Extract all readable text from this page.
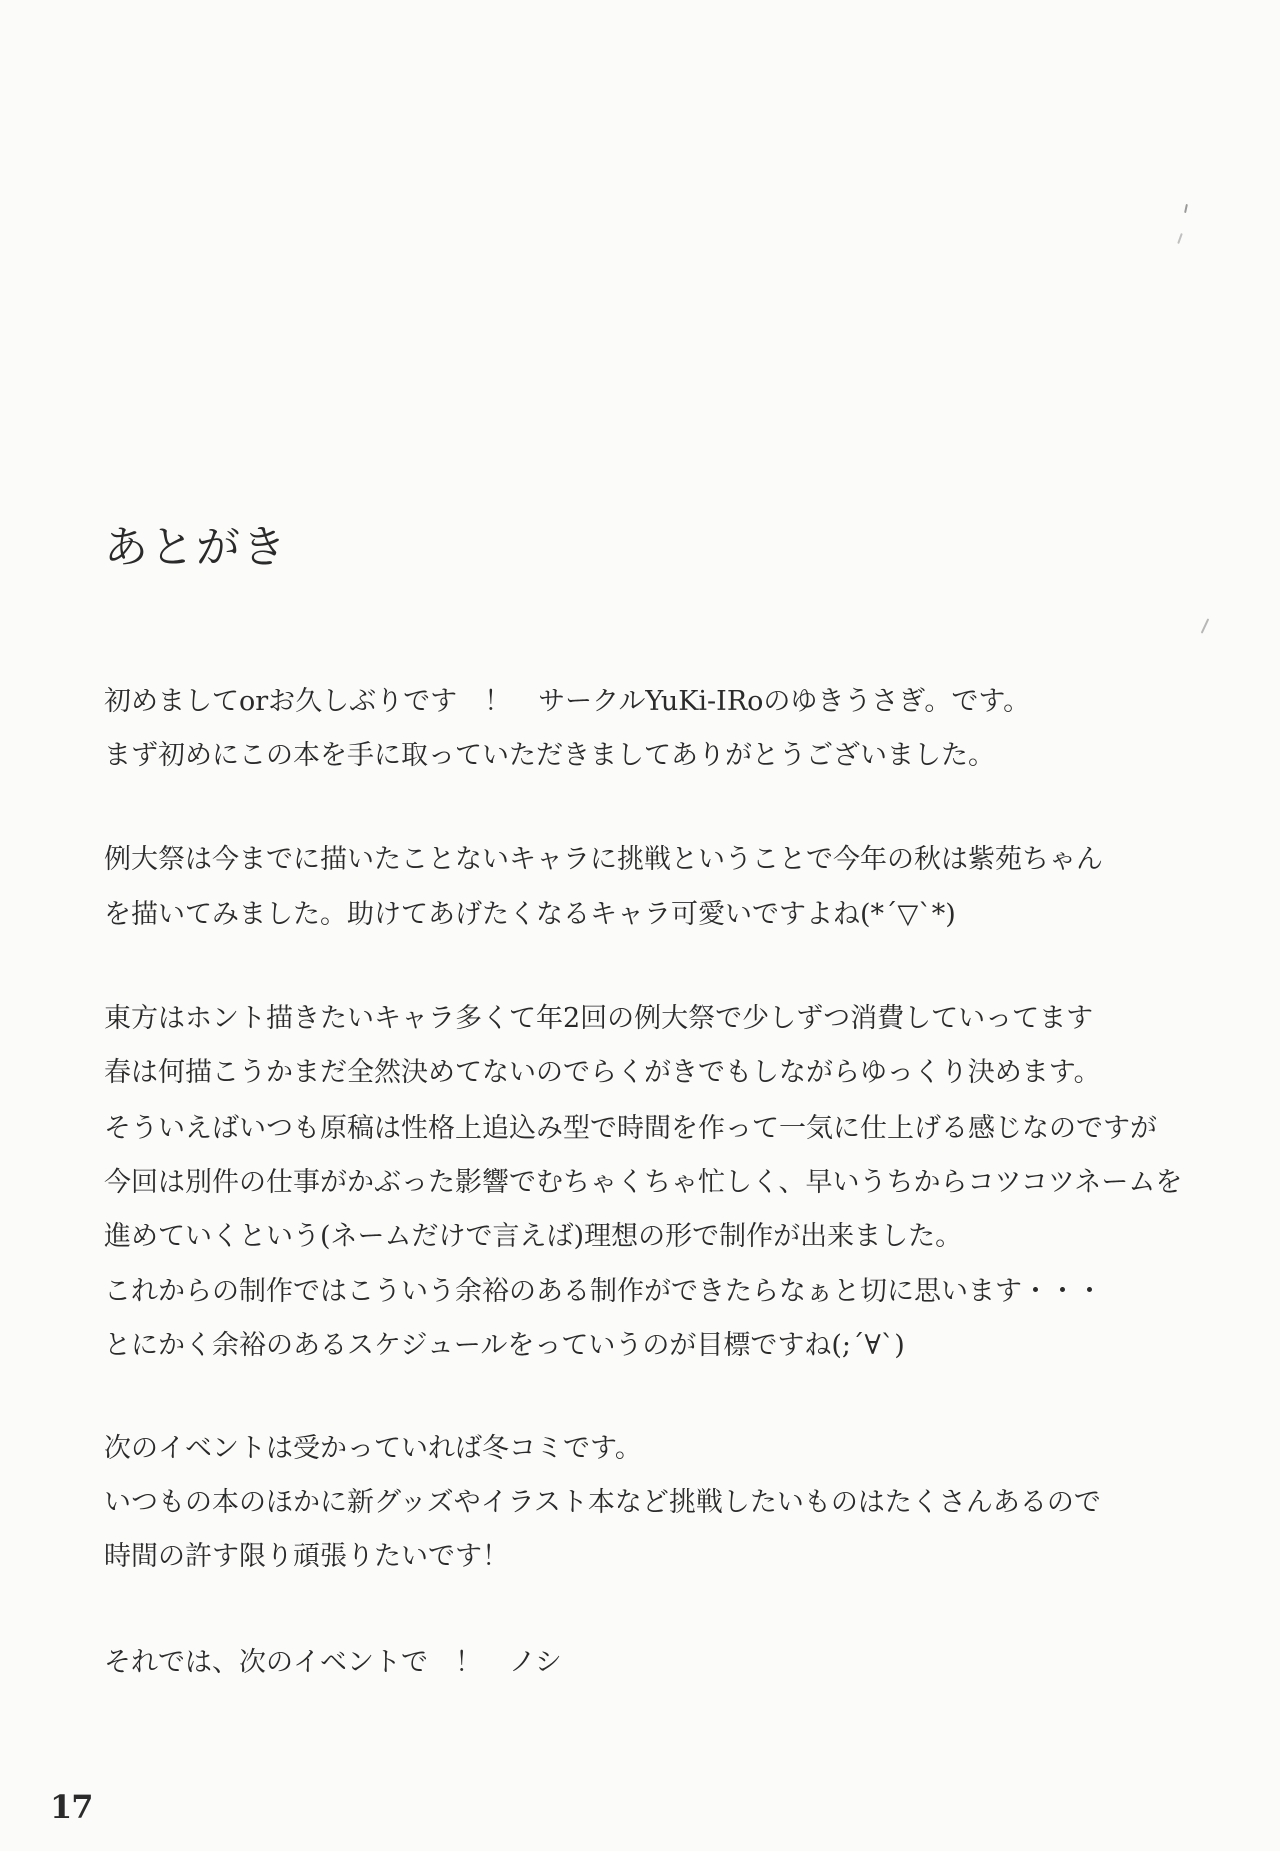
あとがき
初めましてorお久しぶりです　！　サークルYuKi-IRoのゆきうさぎ。です。
まず初めにこの本を手に取っていただきましてありがとうございました。
例大祭は今までに描いたことないキャラに挑戦ということで今年の秋は紫苑ちゃん
を描いてみました。助けてあげたくなるキャラ可愛いですよね(*´▽`*)
東方はホント描きたいキャラ多くて年2回の例大祭で少しずつ消費していってます
春は何描こうかまだ全然決めてないのでらくがきでもしながらゆっくり決めます。
そういえばいつも原稿は性格上追込み型で時間を作って一気に仕上げる感じなのですが
今回は別件の仕事がかぶった影響でむちゃくちゃ忙しく、早いうちからコツコツネームを
進めていくという(ネームだけで言えば)理想の形で制作が出来ました。
これからの制作ではこういう余裕のある制作ができたらなぁと切に思います・・・
とにかく余裕のあるスケジュールをっていうのが目標ですね(;´∀`)
次のイベントは受かっていれば冬コミです。
いつもの本のほかに新グッズやイラスト本など挑戦したいものはたくさんあるので
時間の許す限り頑張りたいです！
それでは、次のイベントで　！　ノシ
17
